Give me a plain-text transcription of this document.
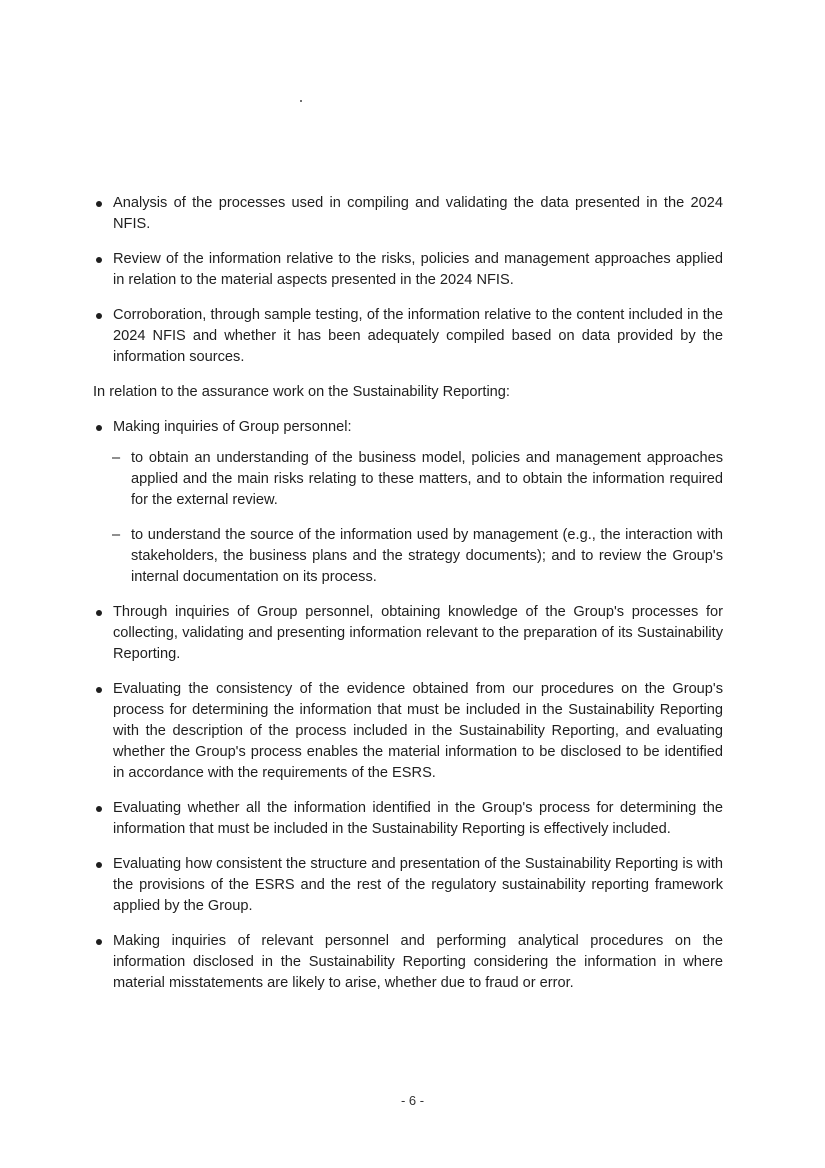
Analysis of the processes used in compiling and validating the data presented in the 2024 NFIS.
Review of the information relative to the risks, policies and management approaches applied in relation to the material aspects presented in the 2024 NFIS.
Corroboration, through sample testing, of the information relative to the content included in the 2024 NFIS and whether it has been adequately compiled based on data provided by the information sources.

In relation to the assurance work on the Sustainability Reporting:

Making inquiries of Group personnel:
– to obtain an understanding of the business model, policies and management approaches applied and the main risks relating to these matters, and to obtain the information required for the external review.
– to understand the source of the information used by management (e.g., the interaction with stakeholders, the business plans and the strategy documents); and to review the Group's internal documentation on its process.
Through inquiries of Group personnel, obtaining knowledge of the Group's processes for collecting, validating and presenting information relevant to the preparation of its Sustainability Reporting.
Evaluating the consistency of the evidence obtained from our procedures on the Group's process for determining the information that must be included in the Sustainability Reporting with the description of the process included in the Sustainability Reporting, and evaluating whether the Group's process enables the material information to be disclosed to be identified in accordance with the requirements of the ESRS.
Evaluating whether all the information identified in the Group's process for determining the information that must be included in the Sustainability Reporting is effectively included.
Evaluating how consistent the structure and presentation of the Sustainability Reporting is with the provisions of the ESRS and the rest of the regulatory sustainability reporting framework applied by the Group.
Making inquiries of relevant personnel and performing analytical procedures on the information disclosed in the Sustainability Reporting considering the information in where material misstatements are likely to arise, whether due to fraud or error.
- 6 -
